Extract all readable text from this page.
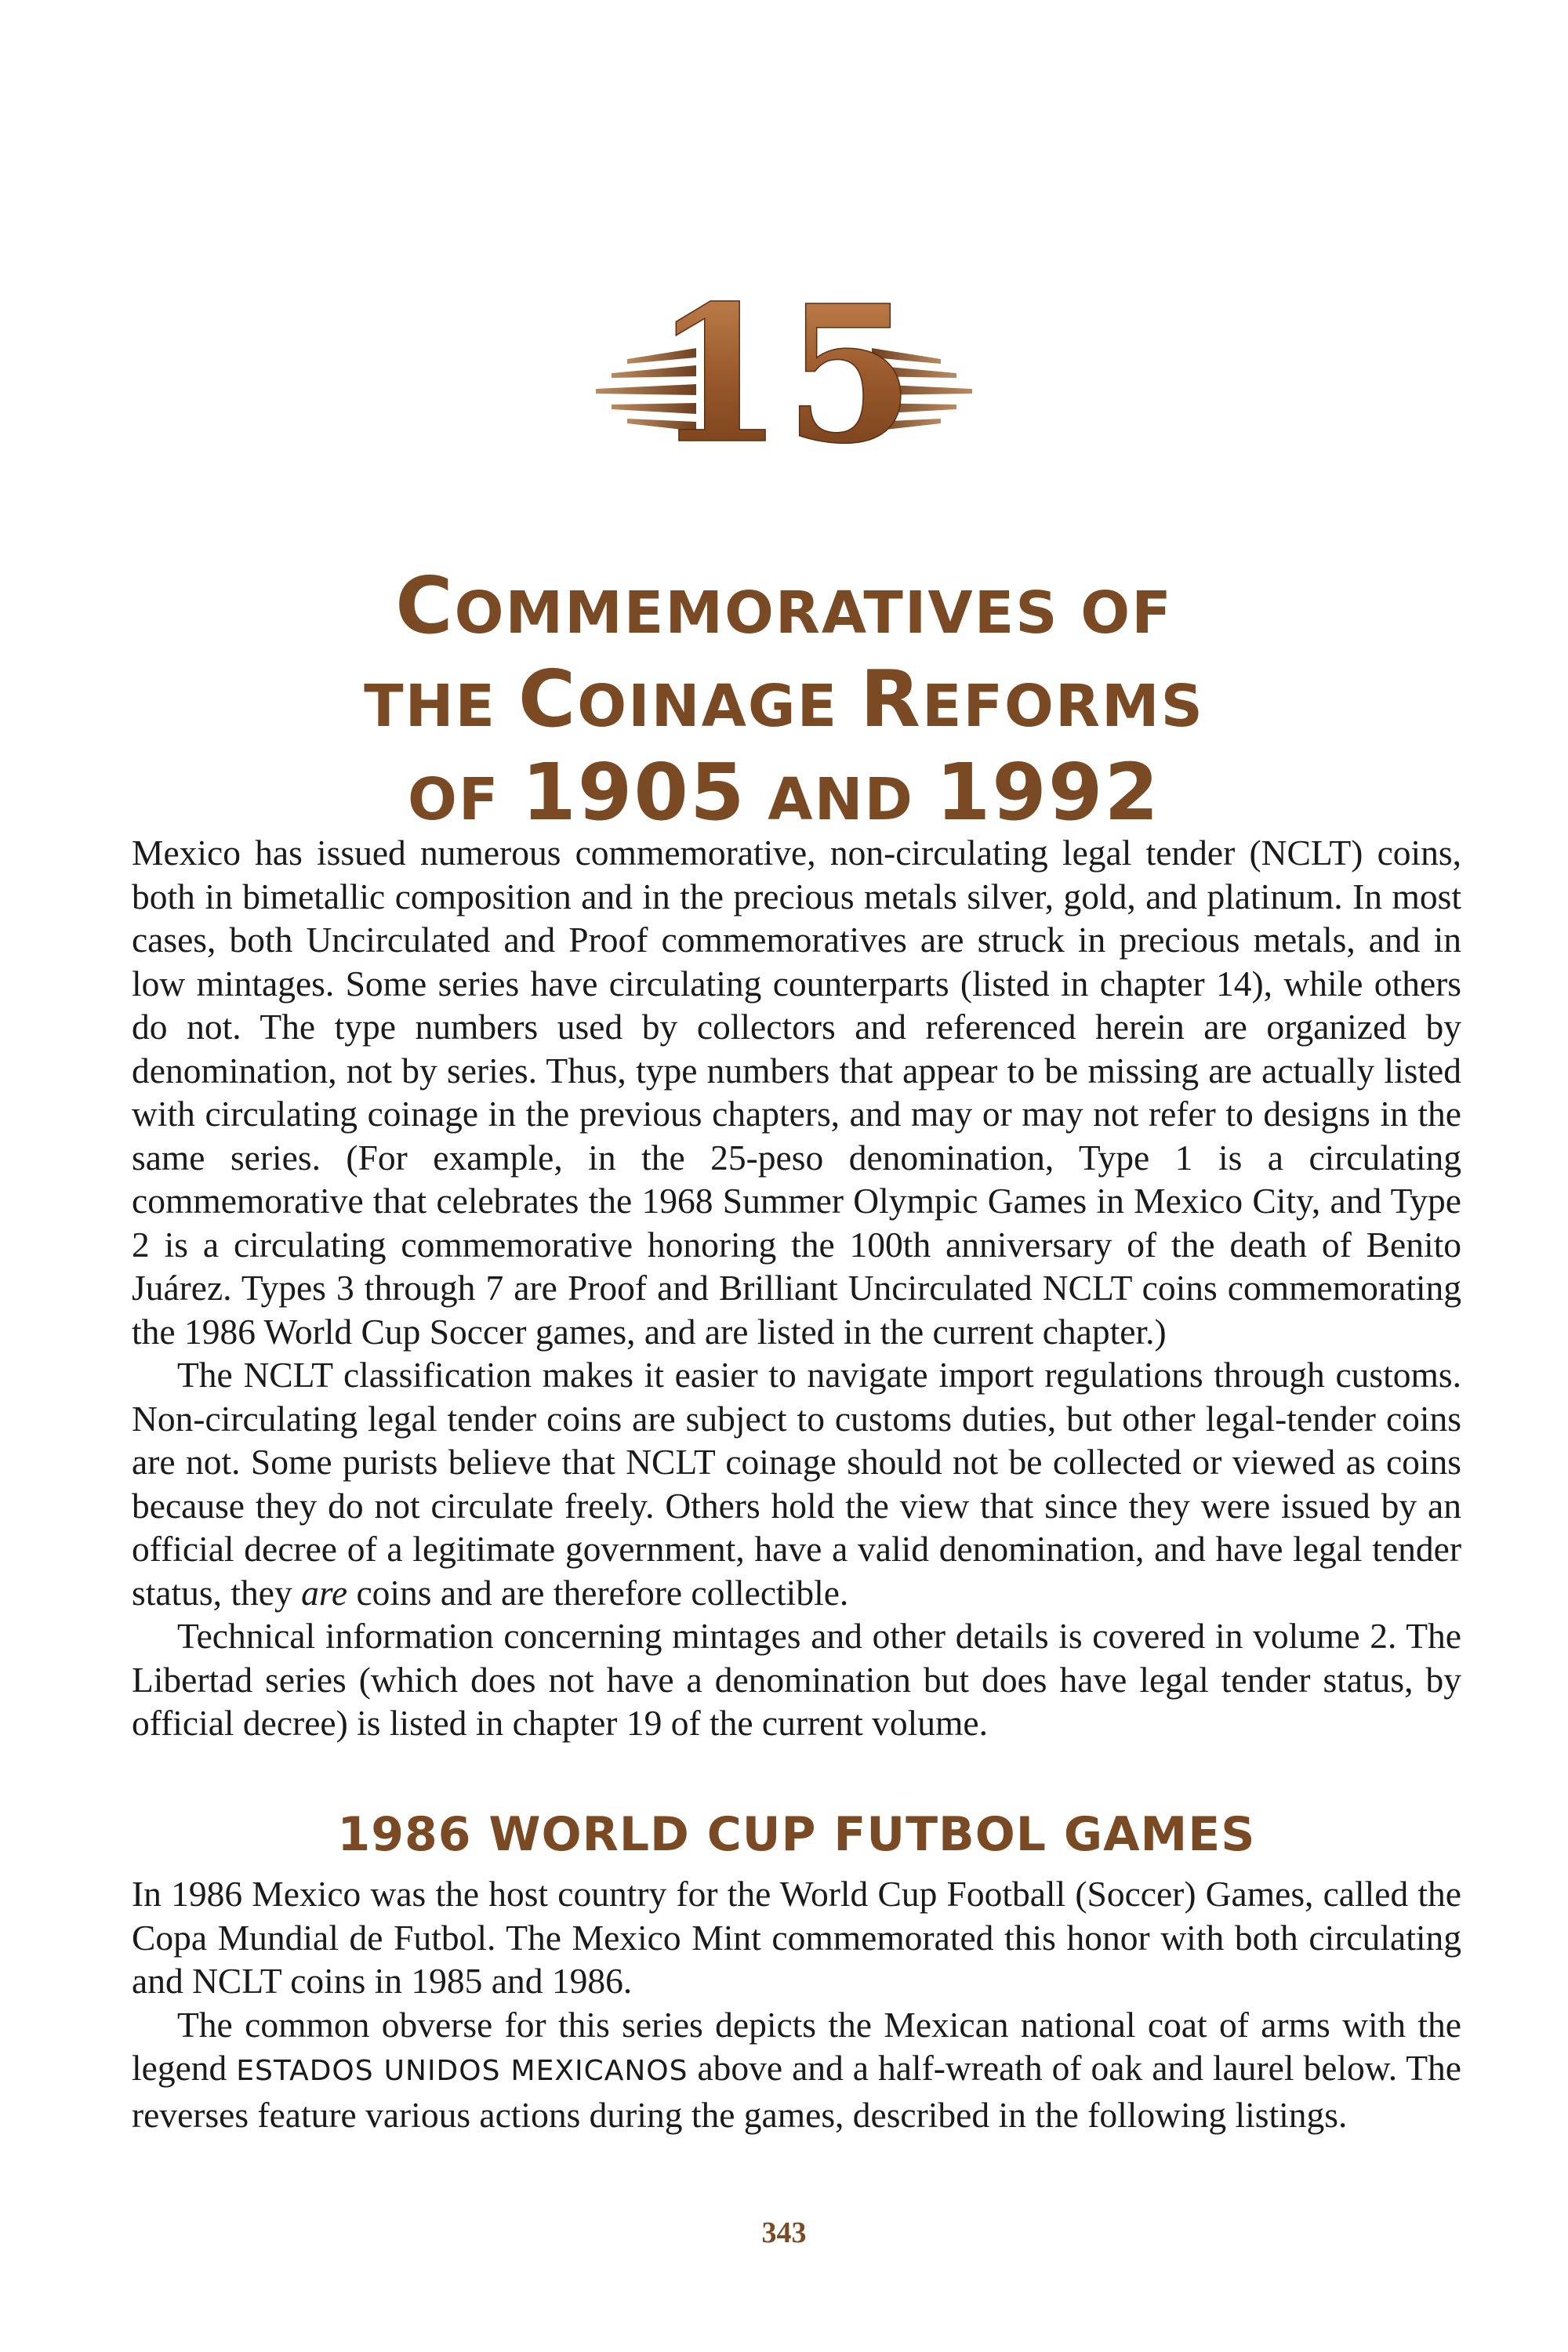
15
COMMEMORATIVES OF
THE COINAGE REFORMS
OF 1905 AND 1992

Mexico has issued numerous commemorative, non-circulating legal tender (NCLT) coins, both in bimetallic composition and in the precious metals silver, gold, and platinum. In most cases, both Uncirculated and Proof commemoratives are struck in precious metals, and in low mintages. Some series have circulating counterparts (listed in chapter 14), while others do not. The type numbers used by collectors and referenced herein are organized by denomination, not by series. Thus, type numbers that appear to be missing are actually listed with circulating coinage in the previous chapters, and may or may not refer to designs in the same series. (For example, in the 25-peso denomination, Type 1 is a circulating commemorative that celebrates the 1968 Summer Olympic Games in Mexico City, and Type 2 is a circulating commemorative honoring the 100th anniversary of the death of Benito Juárez. Types 3 through 7 are Proof and Brilliant Uncirculated NCLT coins commemorating the 1986 World Cup Soccer games, and are listed in the current chapter.)

The NCLT classification makes it easier to navigate import regulations through customs. Non-circulating legal tender coins are subject to customs duties, but other legal-tender coins are not. Some purists believe that NCLT coinage should not be collected or viewed as coins because they do not circulate freely. Others hold the view that since they were issued by an official decree of a legitimate government, have a valid denomination, and have legal tender status, they are coins and are therefore collectible.

Technical information concerning mintages and other details is covered in volume 2. The Libertad series (which does not have a denomination but does have legal tender status, by official decree) is listed in chapter 19 of the current volume.

1986 WORLD CUP FUTBOL GAMES

In 1986 Mexico was the host country for the World Cup Football (Soccer) Games, called the Copa Mundial de Futbol. The Mexico Mint commemorated this honor with both circulating and NCLT coins in 1985 and 1986.

The common obverse for this series depicts the Mexican national coat of arms with the legend ESTADOS UNIDOS MEXICANOS above and a half-wreath of oak and laurel below. The reverses feature various actions during the games, described in the following listings.

343
